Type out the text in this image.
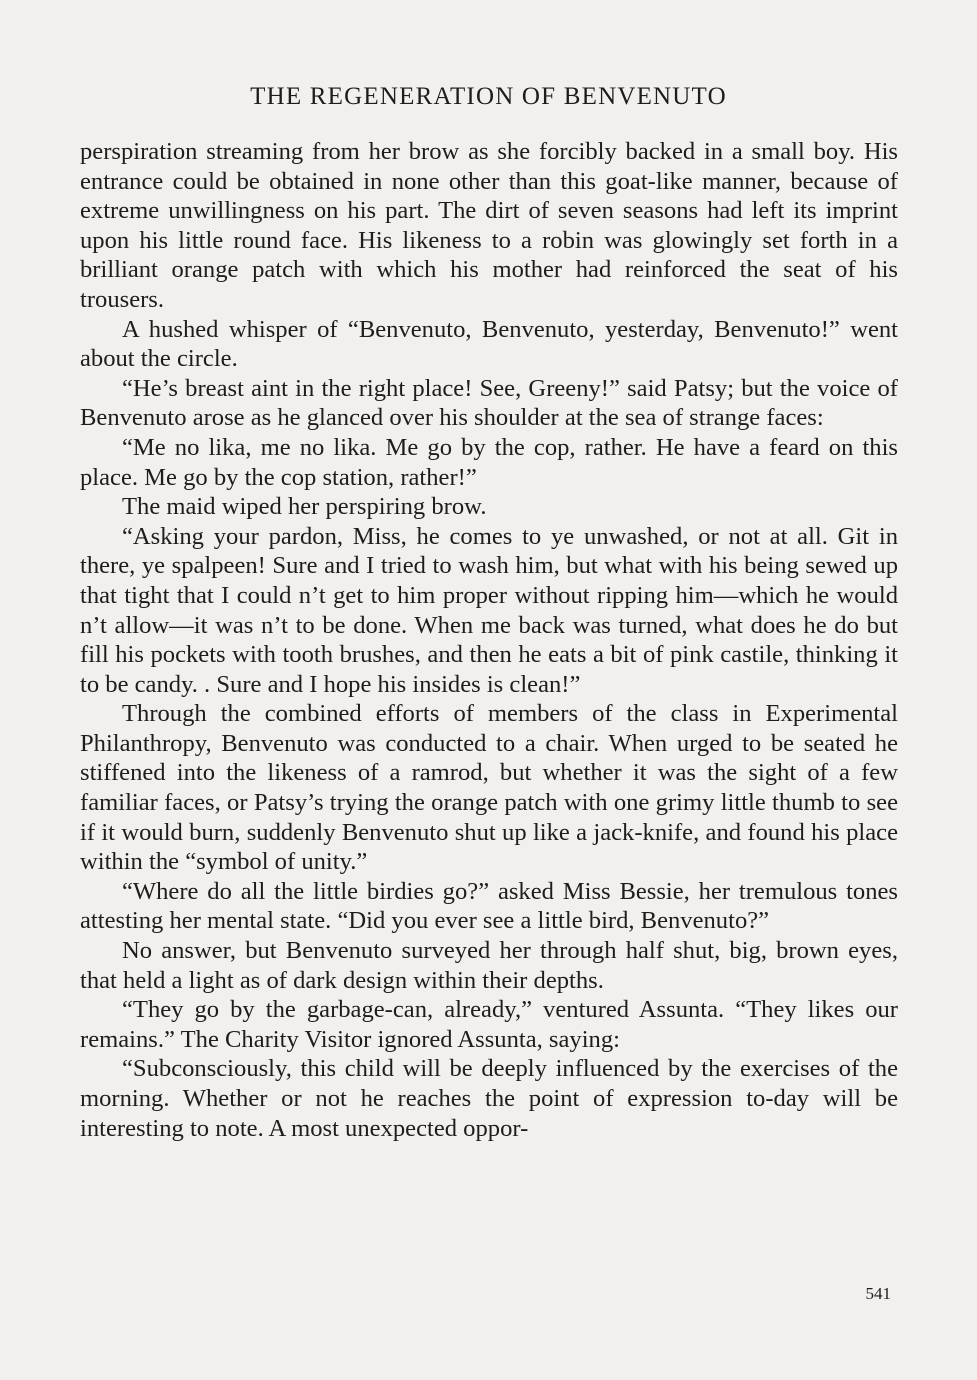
THE REGENERATION OF BENVENUTO

perspiration streaming from her brow as she forcibly backed in a small boy. His entrance could be obtained in none other than this goat-like manner, because of extreme unwillingness on his part. The dirt of seven seasons had left its imprint upon his little round face. His likeness to a robin was glowingly set forth in a brilliant orange patch with which his mother had reinforced the seat of his trousers.

A hushed whisper of “Benvenuto, Benvenuto, yesterday, Benvenuto!” went about the circle.

“He’s breast aint in the right place! See, Greeny!” said Patsy; but the voice of Benvenuto arose as he glanced over his shoulder at the sea of strange faces:

“Me no lika, me no lika. Me go by the cop, rather. He have a feard on this place. Me go by the cop station, rather!”

The maid wiped her perspiring brow.

“Asking your pardon, Miss, he comes to ye unwashed, or not at all. Git in there, ye spalpeen! Sure and I tried to wash him, but what with his being sewed up that tight that I could n’t get to him proper without ripping him—which he would n’t allow—it was n’t to be done. When me back was turned, what does he do but fill his pockets with tooth brushes, and then he eats a bit of pink castile, thinking it to be candy. . Sure and I hope his insides is clean!”

Through the combined efforts of members of the class in Experimental Philanthropy, Benvenuto was conducted to a chair. When urged to be seated he stiffened into the likeness of a ramrod, but whether it was the sight of a few familiar faces, or Patsy’s trying the orange patch with one grimy little thumb to see if it would burn, suddenly Benvenuto shut up like a jack-knife, and found his place within the “symbol of unity.”

“Where do all the little birdies go?” asked Miss Bessie, her tremulous tones attesting her mental state. “Did you ever see a little bird, Benvenuto?”

No answer, but Benvenuto surveyed her through half shut, big, brown eyes, that held a light as of dark design within their depths.

“They go by the garbage-can, already,” ventured Assunta. “They likes our remains.” The Charity Visitor ignored Assunta, saying:

“Subconsciously, this child will be deeply influenced by the exercises of the morning. Whether or not he reaches the point of expression to-day will be interesting to note. A most unexpected oppor-

541
